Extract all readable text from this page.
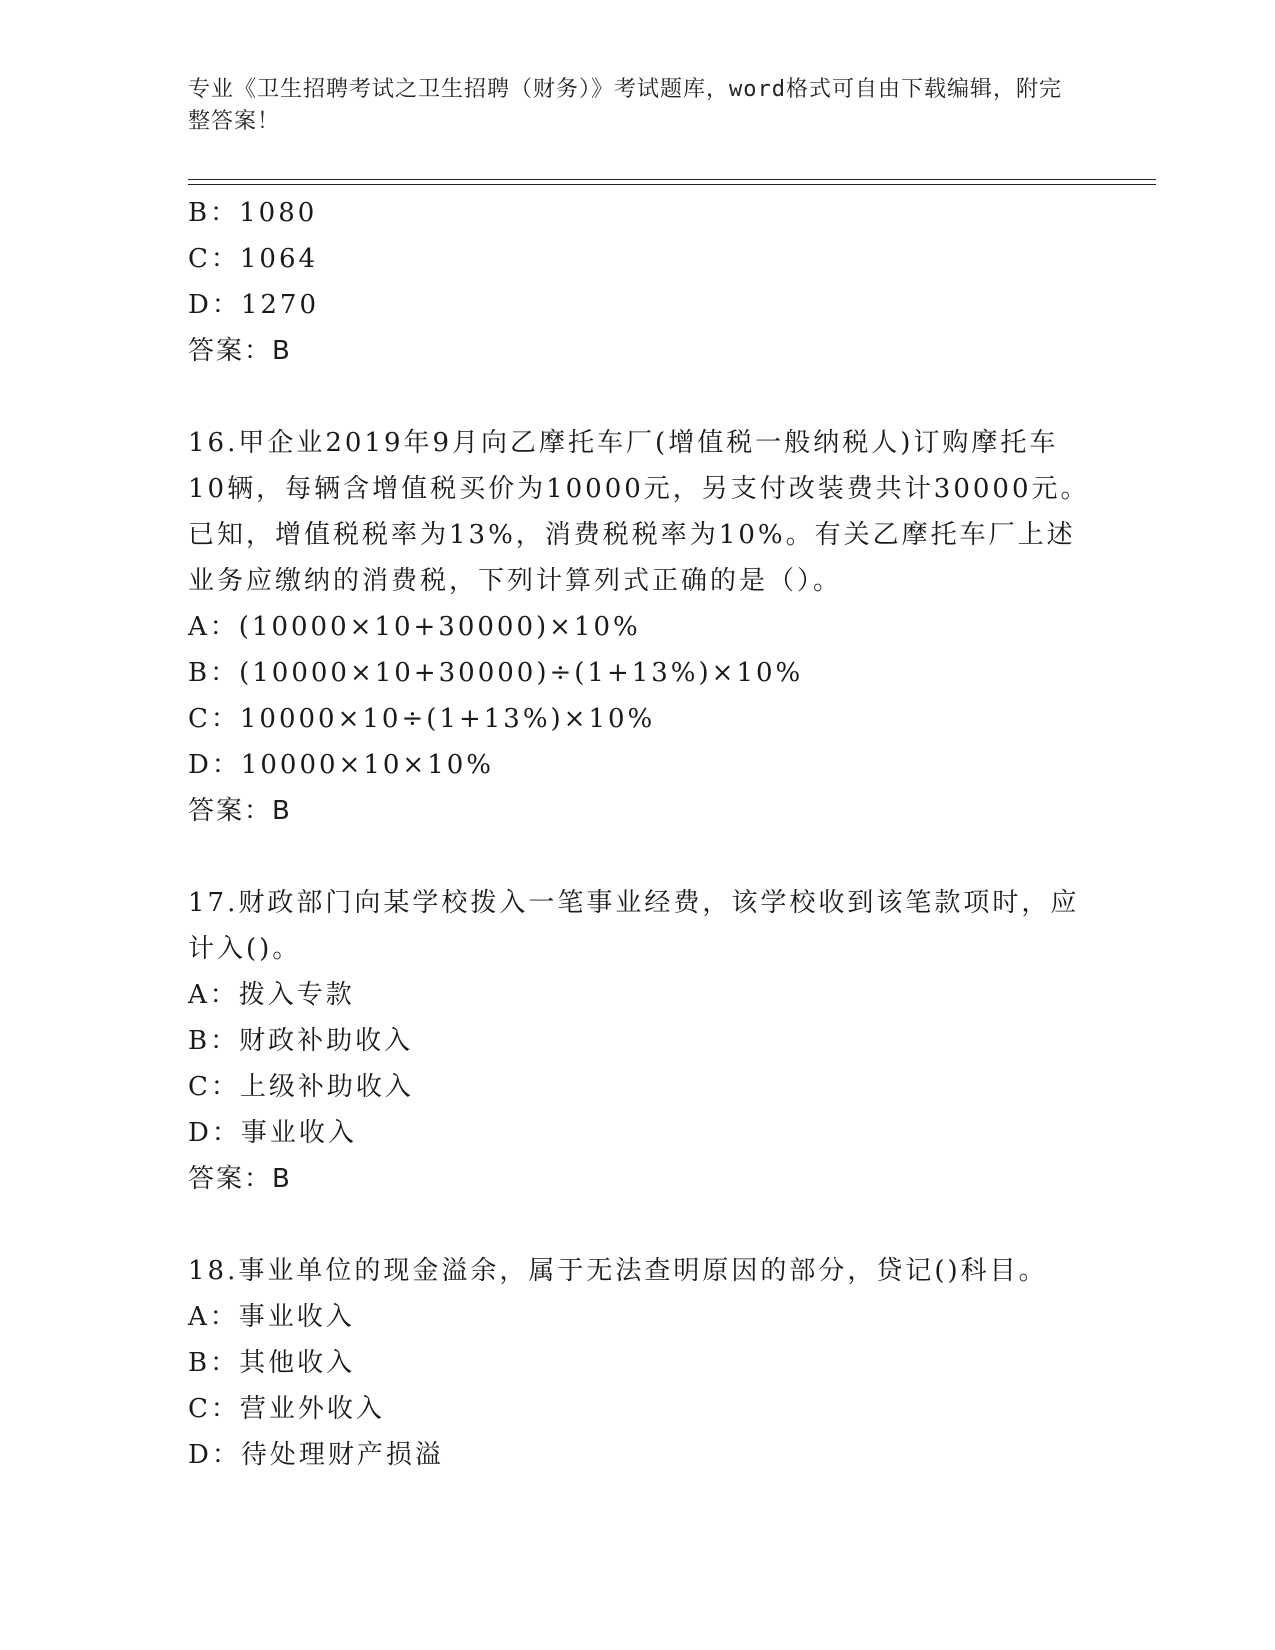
专业《卫生招聘考试之卫生招聘（财务）》考试题库，word格式可自由下载编辑，附完整答案！
B：1080
C：1064
D：1270
答案：B
16.甲企业2019年9月向乙摩托车厂(增值税一般纳税人)订购摩托车
10辆，每辆含增值税买价为10000元，另支付改装费共计30000元。
已知，增值税税率为13%，消费税税率为10%。有关乙摩托车厂上述
业务应缴纳的消费税，下列计算列式正确的是（）。
A：(10000×10+30000)×10%
B：(10000×10+30000)÷(1+13%)×10%
C：10000×10÷(1+13%)×10%
D：10000×10×10%
答案：B
17.财政部门向某学校拨入一笔事业经费，该学校收到该笔款项时，应
计入()。
A：拨入专款
B：财政补助收入
C：上级补助收入
D：事业收入
答案：B
18.事业单位的现金溢余，属于无法查明原因的部分，贷记()科目。
A：事业收入
B：其他收入
C：营业外收入
D：待处理财产损溢
